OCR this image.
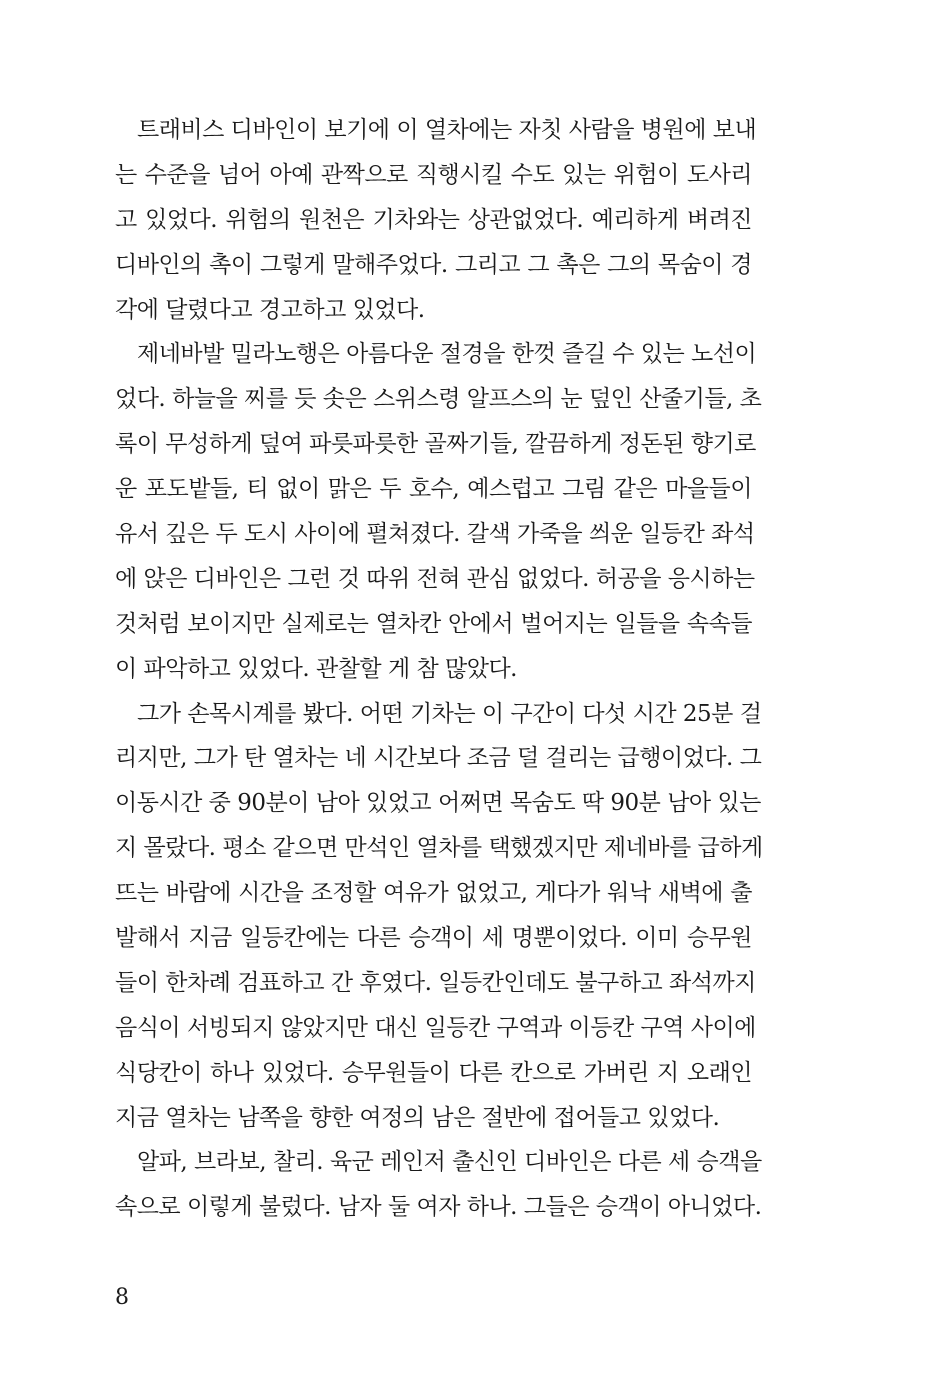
트래비스 디바인이 보기에 이 열차에는 자칫 사람을 병원에 보내
는 수준을 넘어 아예 관짝으로 직행시킬 수도 있는 위험이 도사리
고 있었다. 위험의 원천은 기차와는 상관없었다. 예리하게 벼려진
디바인의 촉이 그렇게 말해주었다. 그리고 그 촉은 그의 목숨이 경
각에 달렸다고 경고하고 있었다.
제네바발 밀라노행은 아름다운 절경을 한껏 즐길 수 있는 노선이
었다. 하늘을 찌를 듯 솟은 스위스령 알프스의 눈 덮인 산줄기들, 초
록이 무성하게 덮여 파릇파릇한 골짜기들, 깔끔하게 정돈된 향기로
운 포도밭들, 티 없이 맑은 두 호수, 예스럽고 그림 같은 마을들이
유서 깊은 두 도시 사이에 펼쳐졌다. 갈색 가죽을 씌운 일등칸 좌석
에 앉은 디바인은 그런 것 따위 전혀 관심 없었다. 허공을 응시하는
것처럼 보이지만 실제로는 열차칸 안에서 벌어지는 일들을 속속들
이 파악하고 있었다. 관찰할 게 참 많았다.
그가 손목시계를 봤다. 어떤 기차는 이 구간이 다섯 시간 25분 걸
리지만, 그가 탄 열차는 네 시간보다 조금 덜 걸리는 급행이었다. 그
이동시간 중 90분이 남아 있었고 어쩌면 목숨도 딱 90분 남아 있는
지 몰랐다. 평소 같으면 만석인 열차를 택했겠지만 제네바를 급하게
뜨는 바람에 시간을 조정할 여유가 없었고, 게다가 워낙 새벽에 출
발해서 지금 일등칸에는 다른 승객이 세 명뿐이었다. 이미 승무원
들이 한차례 검표하고 간 후였다. 일등칸인데도 불구하고 좌석까지
음식이 서빙되지 않았지만 대신 일등칸 구역과 이등칸 구역 사이에
식당칸이 하나 있었다. 승무원들이 다른 칸으로 가버린 지 오래인
지금 열차는 남쪽을 향한 여정의 남은 절반에 접어들고 있었다.
알파, 브라보, 찰리. 육군 레인저 출신인 디바인은 다른 세 승객을
속으로 이렇게 불렀다. 남자 둘 여자 하나. 그들은 승객이 아니었다.
8
